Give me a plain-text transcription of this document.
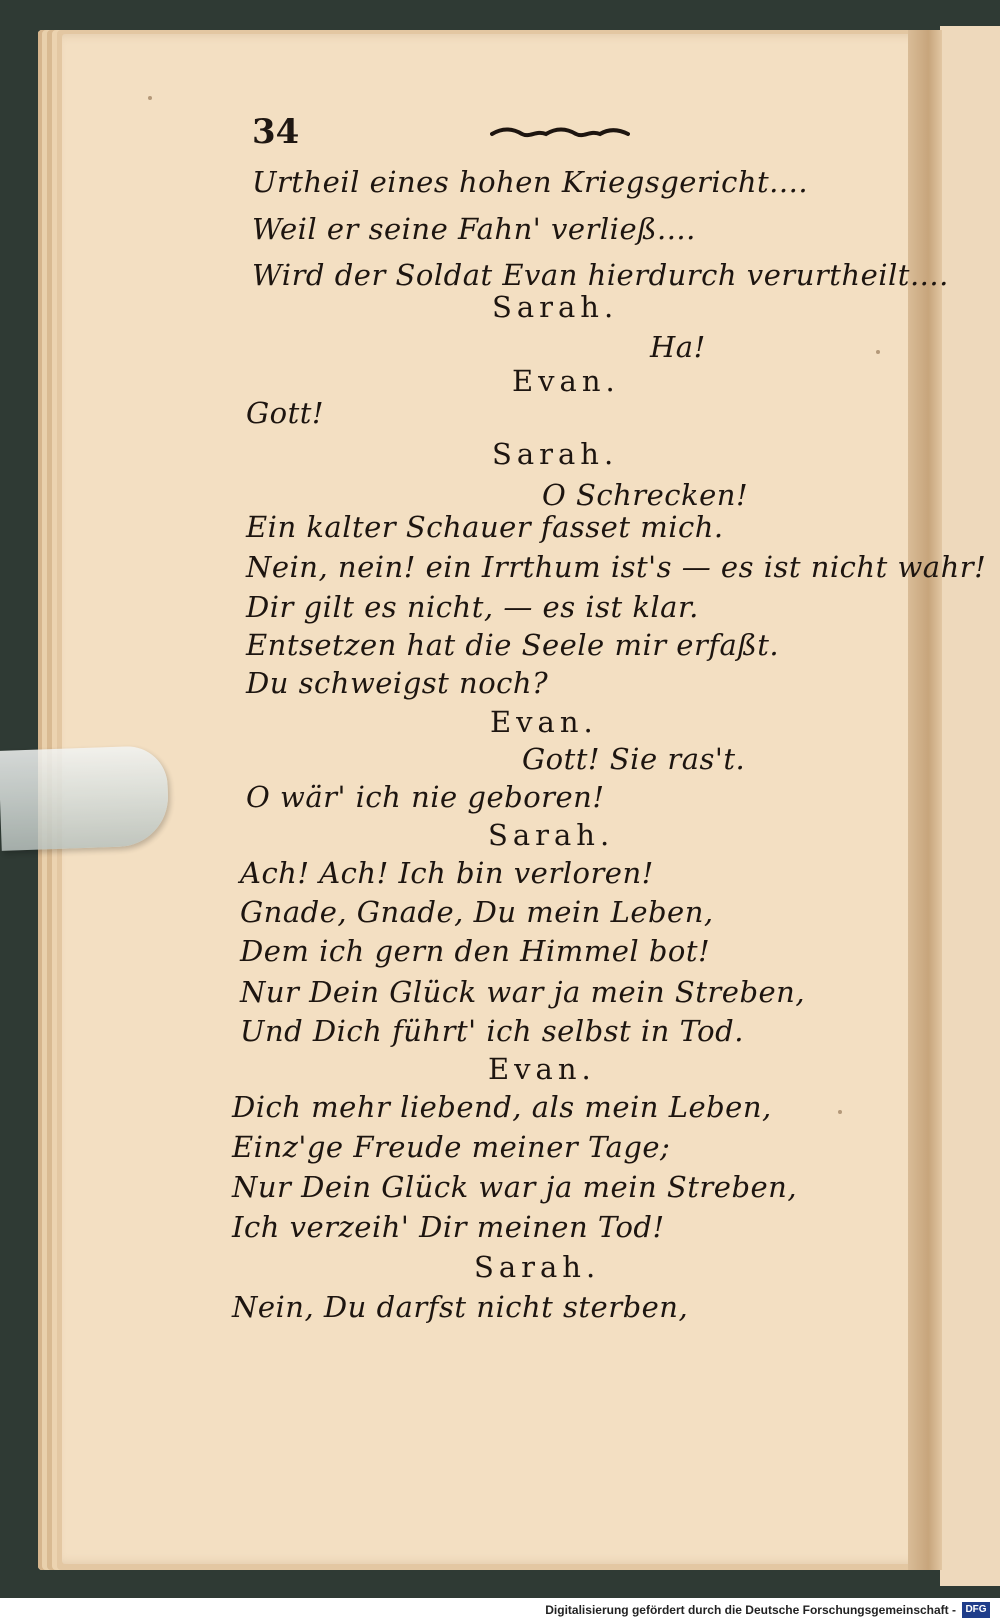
34
Urtheil eines hohen Kriegsgericht....
Weil er seine Fahn' verließ....
Wird der Soldat Evan hierdurch verurtheilt....
Sarah.
Ha!
Evan.
Gott!
Sarah.
O Schrecken!
Ein kalter Schauer fasset mich.
Nein, nein! ein Irrthum ist's — es ist nicht wahr!
Dir gilt es nicht, — es ist klar.
Entsetzen hat die Seele mir erfaßt.
Du schweigst noch?
Evan.
Gott! Sie ras't.
O wär' ich nie geboren!
Sarah.
Ach! Ach! Ich bin verloren!
Gnade, Gnade, Du mein Leben,
Dem ich gern den Himmel bot!
Nur Dein Glück war ja mein Streben,
Und Dich führt' ich selbst in Tod.
Evan.
Dich mehr liebend, als mein Leben,
Einz'ge Freude meiner Tage;
Nur Dein Glück war ja mein Streben,
Ich verzeih' Dir meinen Tod!
Sarah.
Nein, Du darfst nicht sterben,
Digitalisierung gefördert durch die Deutsche Forschungsgemeinschaft - DFG
